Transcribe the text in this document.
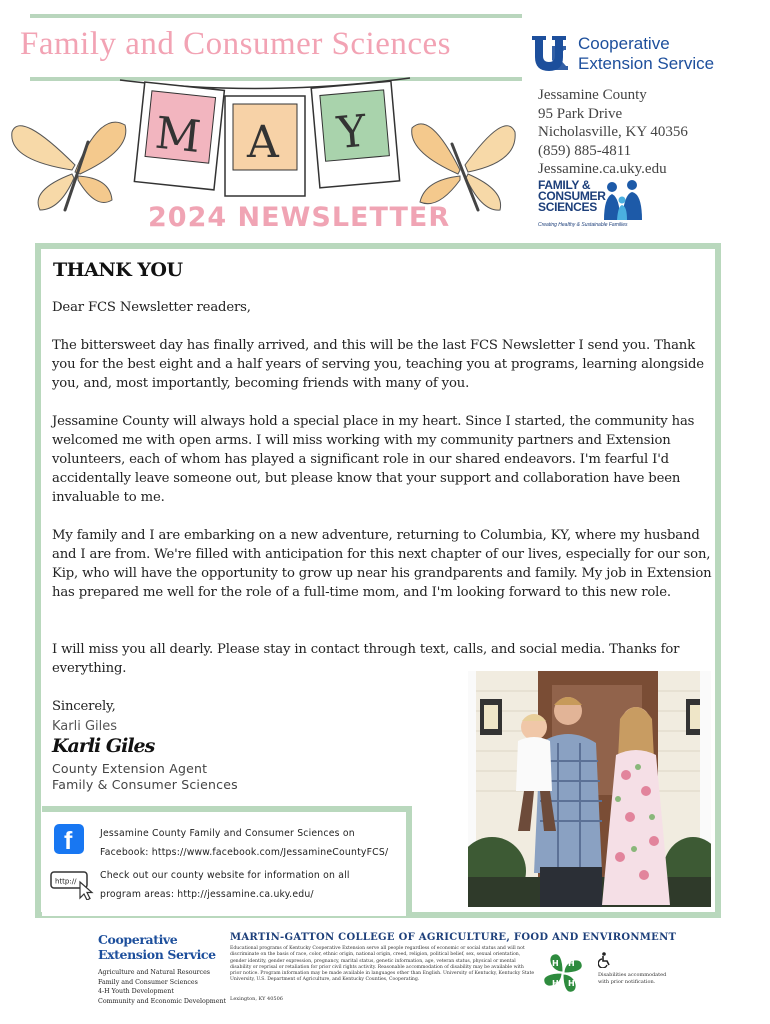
Family and Consumer Sciences	Cooperative
Extension Service
Jessamine County
95 Park Drive
Nicholasville, KY 40356
(859) 885-4811
Jessamine.ca.uky.edu
FAMILY &
CONSUMER
SCIENCES
Creating Healthy & Sustainable Families
M A Y
2024 NEWSLETTER
THANK YOU
Dear FCS Newsletter readers,
The bittersweet day has finally arrived, and this will be the last FCS Newsletter I send you. Thank you for the best eight and a half years of serving you, teaching you at programs, learning alongside you, and, most importantly, becoming friends with many of you.
Jessamine County will always hold a special place in my heart. Since I started, the community has welcomed me with open arms. I will miss working with my community partners and Extension volunteers, each of whom has played a significant role in our shared endeavors. I'm fearful I'd accidentally leave someone out, but please know that your support and collaboration have been invaluable to me.
My family and I are embarking on a new adventure, returning to Columbia, KY, where my husband and I are from. We're filled with anticipation for this next chapter of our lives, especially for our son, Kip, who will have the opportunity to grow up near his grandparents and family. My job in Extension has prepared me well for the role of a full-time mom, and I'm looking forward to this new role.
I will miss you all dearly. Please stay in contact through text, calls, and social media. Thanks for everything.
Sincerely,
Karli Giles
Karli Giles
County Extension Agent
Family & Consumer Sciences
f	Jessamine County Family and Consumer Sciences on
Facebook: https://www.facebook.com/JessamineCountyFCS/
http://
Check out our county website for information on all
program areas: http://jessamine.ca.uky.edu/
Cooperative
Extension Service
Agriculture and Natural Resources
Family and Consumer Sciences
4-H Youth Development
Community and Economic Development
MARTIN-GATTON COLLEGE OF AGRICULTURE, FOOD AND ENVIRONMENT
Educational programs of Kentucky Cooperative Extension serve all people regardless of economic or social status and will not discriminate on the basis of race, color, ethnic origin, national origin, creed, religion, political belief, sex, sexual orientation, gender identity, gender expression, pregnancy, marital status, genetic information, age, veteran status, physical or mental disability or reprisal or retaliation for prior civil rights activity. Reasonable accommodation of disability may be available with prior notice. Program information may be made available in languages other than English. University of Kentucky, Kentucky State University, U.S. Department of Agriculture, and Kentucky Counties, Cooperating.
Lexington, KY 40506
H H
H H
Disabilities accommodated with prior notification.
